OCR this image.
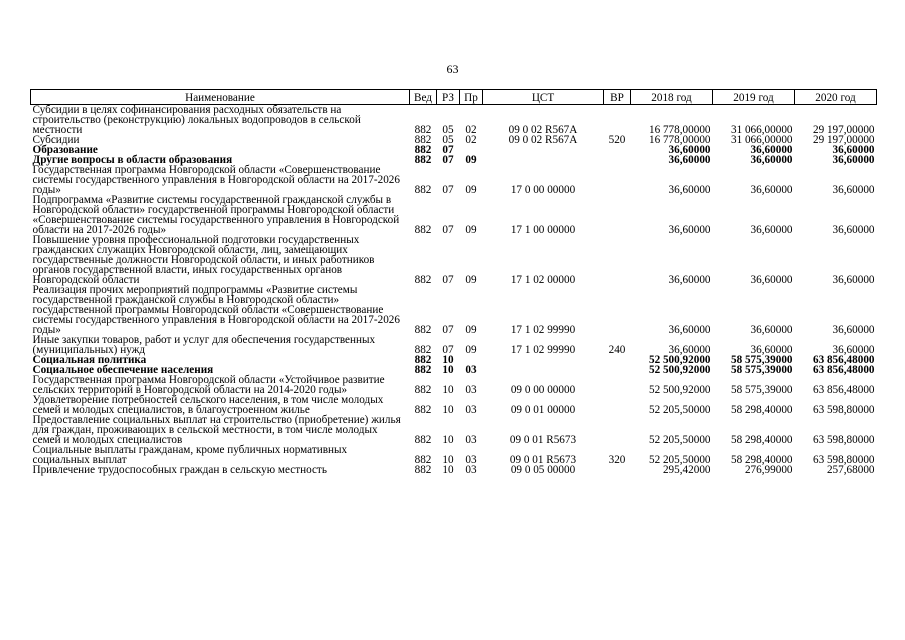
63
Наименование	Вед	РЗ	Пр	ЦСТ	ВР	2018 год	2019 год	2020 год
Субсидии в целях софинансирования расходных обязательств на строительство (реконструкцию) локальных водопроводов в сельской местности	882	05	02	09 0 02 R567A		16 778,00000	31 066,00000	29 197,00000
Субсидии	882	05	02	09 0 02 R567A	520	16 778,00000	31 066,00000	29 197,00000
Образование	882	07				36,60000	36,60000	36,60000
Другие вопросы в области образования	882	07	09			36,60000	36,60000	36,60000
Государственная программа Новгородской области «Совершенствование системы государственного управления в Новгородской области на 2017-2026 годы»	882	07	09	17 0 00 00000		36,60000	36,60000	36,60000
Подпрограмма «Развитие системы государственной гражданской службы в Новгородской области» государственной программы Новгородской области «Совершенствование системы государственного управления в Новгородской области на 2017-2026 годы»	882	07	09	17 1 00 00000		36,60000	36,60000	36,60000
Повышение уровня профессиональной подготовки государственных гражданских служащих Новгородской области, лиц, замещающих государственные должности Новгородской области, и иных работников органов государственной власти, иных государственных органов Новгородской области	882	07	09	17 1 02 00000		36,60000	36,60000	36,60000
Реализация прочих мероприятий подпрограммы «Развитие системы государственной гражданской службы в Новгородской области» государственной программы Новгородской области «Совершенствование системы государственного управления в Новгородской области на 2017-2026 годы»	882	07	09	17 1 02 99990		36,60000	36,60000	36,60000
Иные закупки товаров, работ и услуг для обеспечения государственных (муниципальных) нужд	882	07	09	17 1 02 99990	240	36,60000	36,60000	36,60000
Социальная политика	882	10				52 500,92000	58 575,39000	63 856,48000
Социальное обеспечение населения	882	10	03			52 500,92000	58 575,39000	63 856,48000
Государственная программа Новгородской области «Устойчивое развитие сельских территорий в Новгородской области на 2014-2020 годы»	882	10	03	09 0 00 00000		52 500,92000	58 575,39000	63 856,48000
Удовлетворение потребностей сельского населения, в том числе молодых семей и молодых специалистов, в благоустроенном жилье	882	10	03	09 0 01 00000		52 205,50000	58 298,40000	63 598,80000
Предоставление социальных выплат на строительство (приобретение) жилья для граждан, проживающих в сельской местности, в том числе молодых семей и молодых специалистов	882	10	03	09 0 01 R5673		52 205,50000	58 298,40000	63 598,80000
Социальные выплаты гражданам, кроме публичных нормативных социальных выплат	882	10	03	09 0 01 R5673	320	52 205,50000	58 298,40000	63 598,80000
Привлечение трудоспособных граждан в сельскую местность	882	10	03	09 0 05 00000		295,42000	276,99000	257,68000
